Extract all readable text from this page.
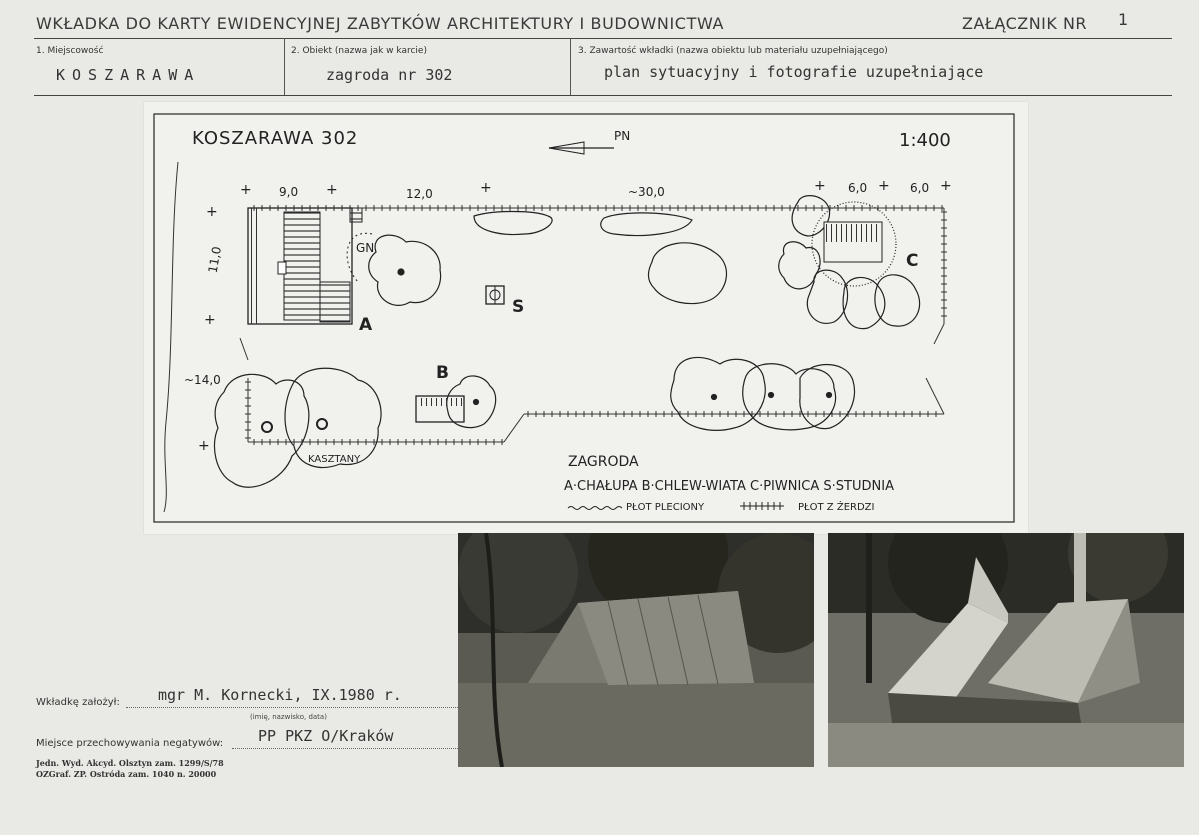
WKŁADKA DO KARTY EWIDENCYJNEJ ZABYTKÓW ARCHITEKTURY I BUDOWNICTWA	ZAŁĄCZNIK NR 1
1. Miejscowość
KOSZARAWA
2. Obiekt (nazwa jak w karcie)
zagroda nr 302
3. Zawartość wkładki (nazwa obiektu lub materiału uzupełniającego)
plan sytuacyjny i fotografie uzupełniające
KOSZARAWA 302	PN	1:400
+	+	+	+	+	+
+
+
+
9,0	12,0	~30,0	6,0	6,0
11,0
~14,0
A
GN
C
B
S
KASZTANY	ZAGRODA
A·CHAŁUPA B·CHLEW-WIATA C·PIWNICA S·STUDNIA
PŁOT PLECIONY	PŁOT Z ŻERDZI
Wkładkę założył:	mgr M. Kornecki, IX.1980 r.
(imię, nazwisko, data)
Miejsce przechowywania negatywów: PP PKZ O/Kraków
Jedn. Wyd. Akcyd. Olsztyn zam. 1299/S/78
OZGraf. ZP. Ostróda zam. 1040 n. 20000
